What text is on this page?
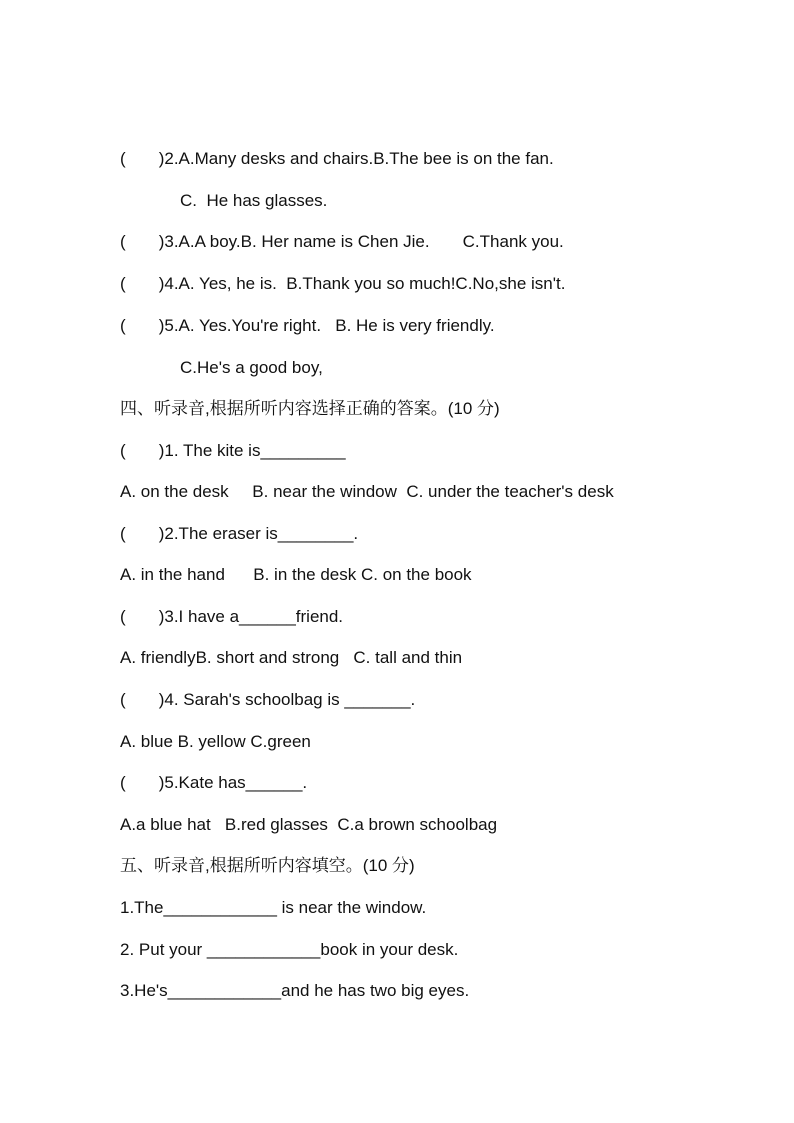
(       )2.A.Many desks and chairs.B.The bee is on the fan.
C.  He has glasses.
(       )3.A.A boy.B. Her name is Chen Jie.       C.Thank you.
(       )4.A. Yes, he is.  B.Thank you so much!C.No,she isn't.
(       )5.A. Yes.You're right.   B. He is very friendly.
C.He's a good boy,
四、听录音,根据所听内容选择正确的答案。(10 分)
(       )1. The kite is_________
A. on the desk     B. near the window  C. under the teacher's desk
(       )2.The eraser is________.
A. in the hand      B. in the desk C. on the book
(       )3.I have a______friend.
A. friendlyB. short and strong   C. tall and thin
(       )4. Sarah's schoolbag is _______.
A. blue B. yellow C.green
(       )5.Kate has______.
A.a blue hat   B.red glasses  C.a brown schoolbag
五、听录音,根据所听内容填空。(10 分)
1.The____________ is near the window.
2. Put your ____________book in your desk.
3.He's____________and he has two big eyes.
